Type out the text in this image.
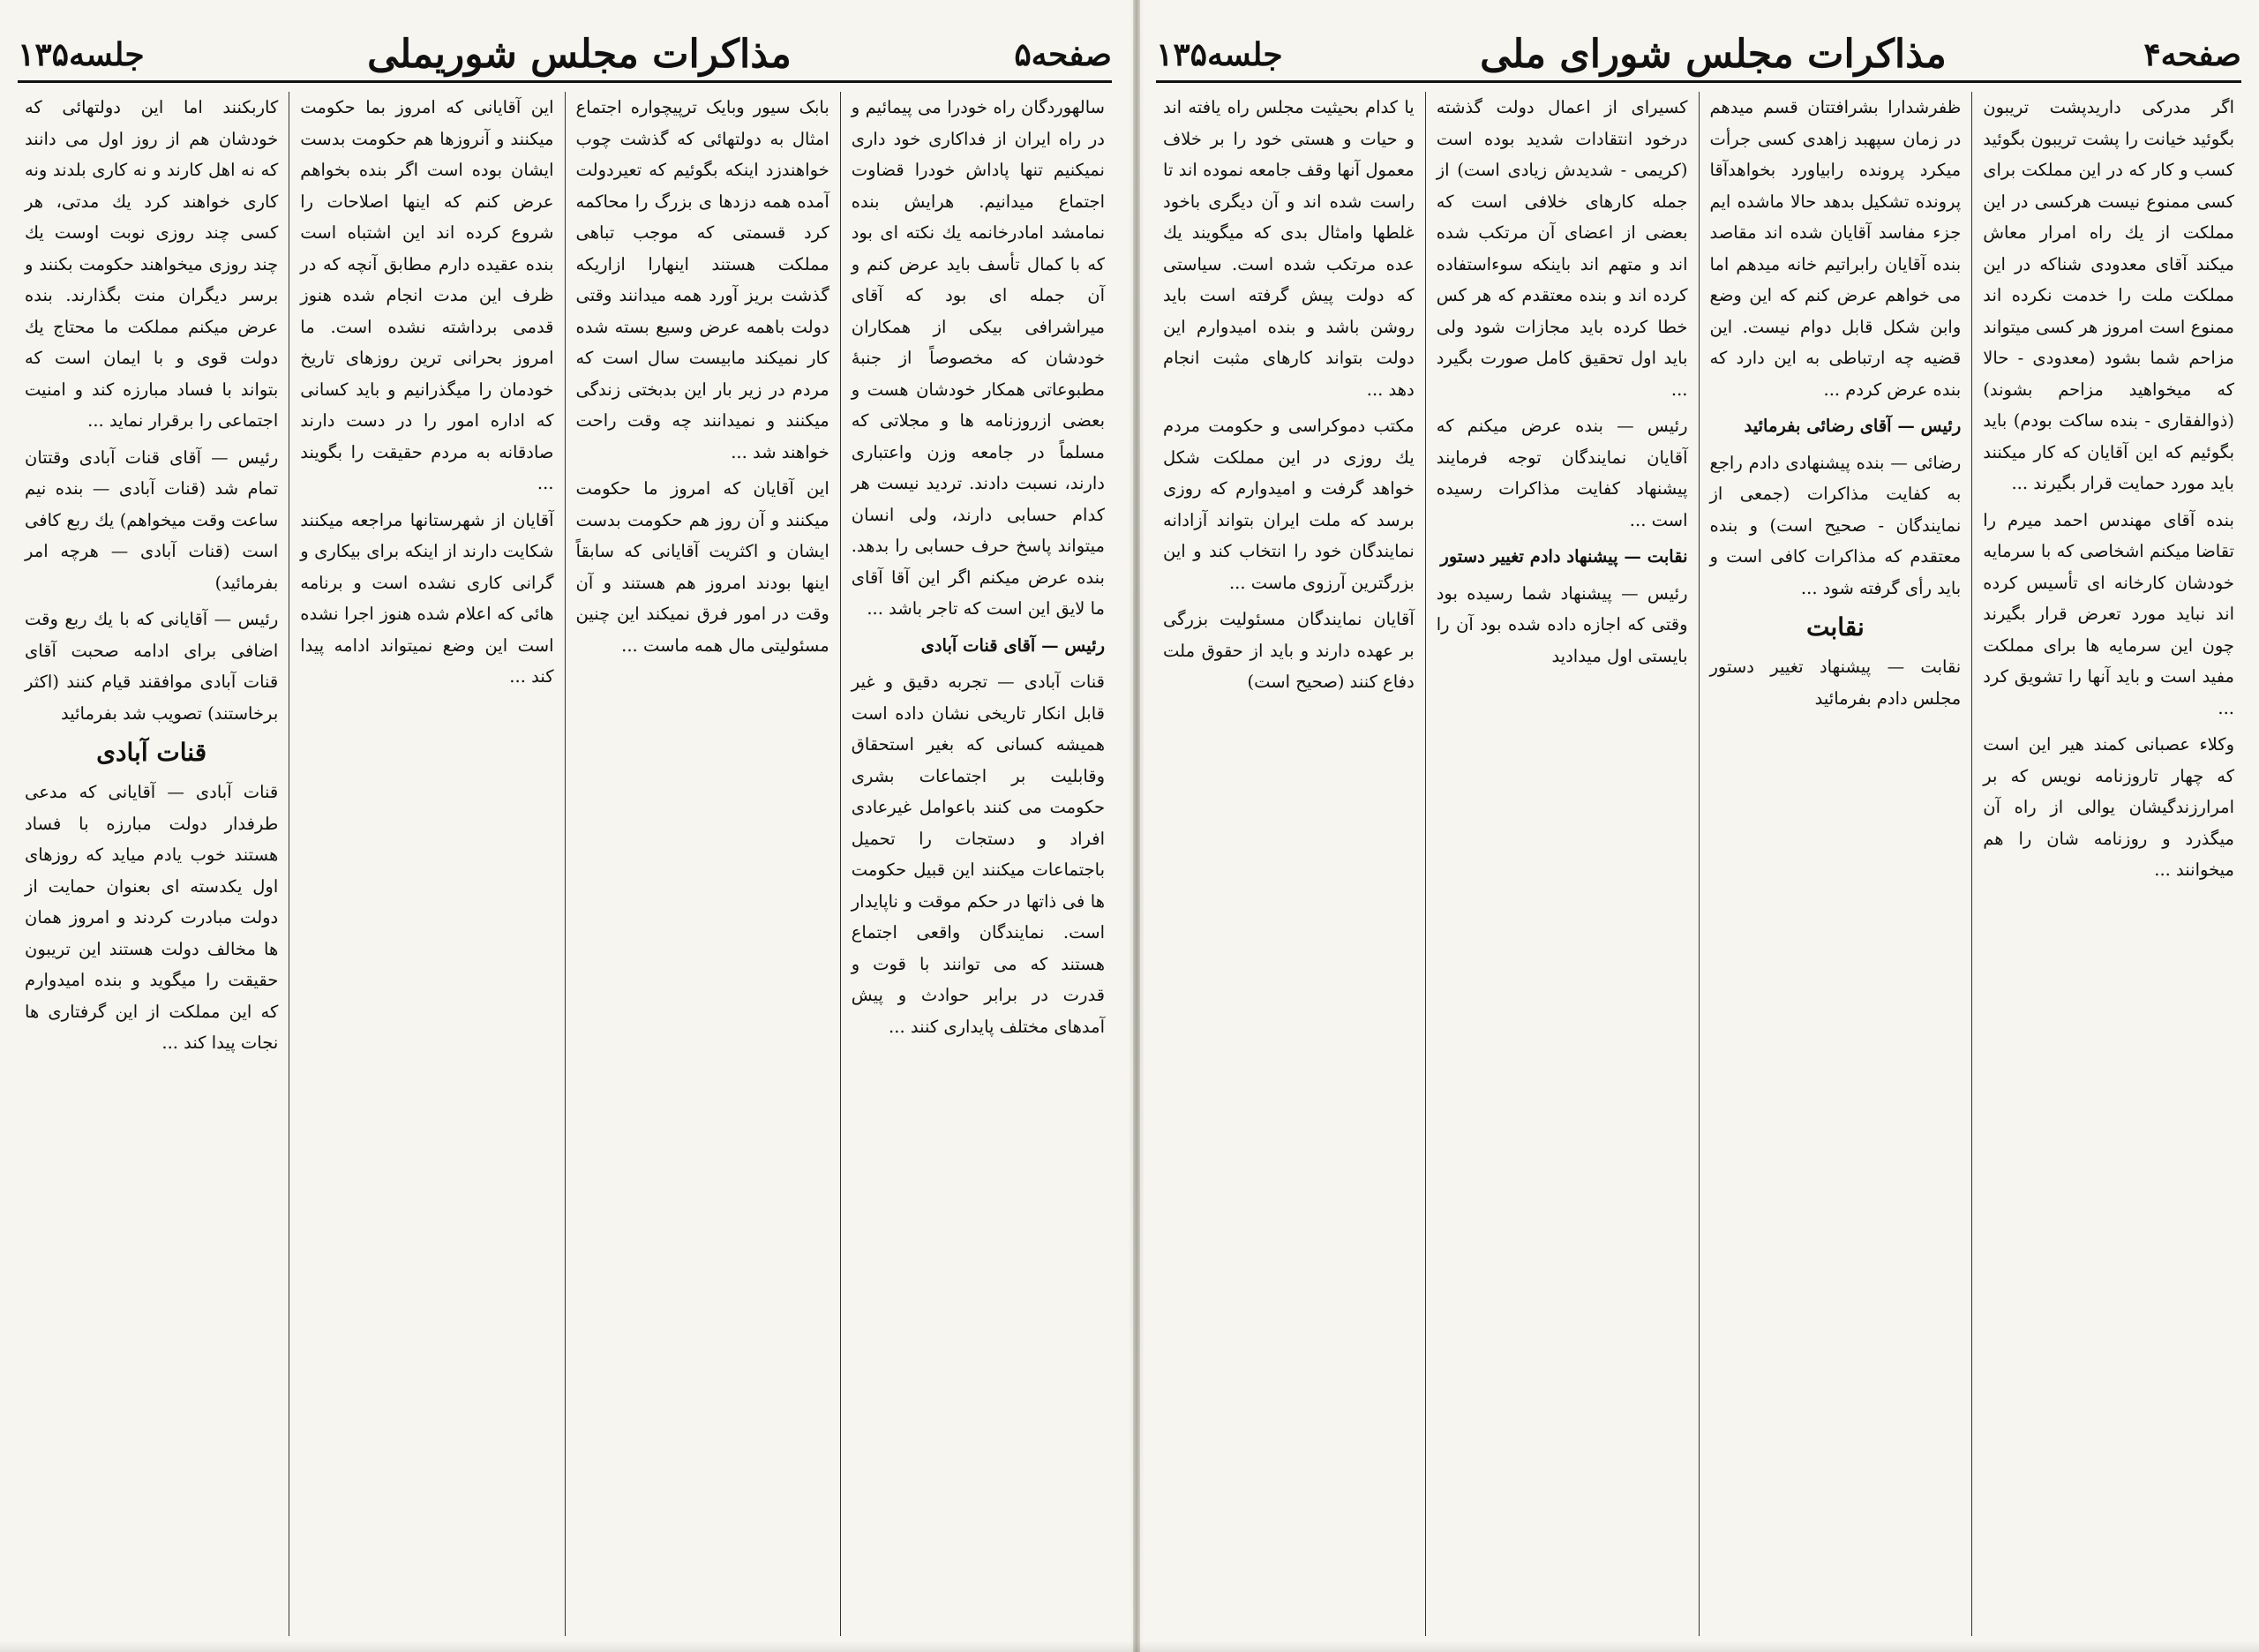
جلسه۱۳۵	مذاکرات مجلس شورای ملی	صفحه۴

اگر مدرکی داریدپشت تریبون بگوئید خیانت را پشت تریبون بگوئید کسب و کار که در این مملکت برای کسی ممنوع نیست هرکسی در این مملکت از یك راه امرار معاش میکند آقای معدودی شناکه در این مملکت ملت را خدمت نکرده اند ممنوع است امروز هر کسی میتواند مزاحم شما بشود (معدودی - حالا که میخواهید مزاحم بشوند) (ذوالفقاری - بنده ساکت بودم) باید بگوئیم که این آقایان که کار میکنند باید مورد حمایت قرار بگیرند ...

بنده آقای مهندس احمد میرم را تقاضا میکنم اشخاصی که با سرمایه خودشان کارخانه ای تأسیس کرده اند نباید مورد تعرض قرار بگیرند چون این سرمایه ها برای مملکت مفید است و باید آنها را تشویق کرد ...

وکلاء عصبانی کمند هیر این است که چهار تاروزنامه نویس که بر امرارزندگیشان یوالی از راه آن میگذرد و روزنامه شان را هم میخوانند ...

ظفرشدارا بشرافتتان قسم میدهم در زمان سپهبد زاهدی کسی جرأت میکرد پرونده رابیاورد بخواهدآقا پرونده تشکیل بدهد حالا ماشده ایم جزء مفاسد آقایان شده اند مقاصد بنده آقایان رابراتیم خانه میدهم اما می خواهم عرض کنم که این وضع وابن شکل قابل دوام نیست. این قضیه چه ارتباطی به این دارد که بنده عرض کردم ...

رئیس — آقای رضائی بفرمائید

رضائی — بنده پیشنهادی دادم راجع به کفایت مذاکرات (جمعی از نمایندگان - صحیح است) و بنده معتقدم که مذاکرات کافی است و باید رأی گرفته شود ...

نقابت

نقابت — پیشنهاد تغییر دستور مجلس دادم بفرمائید

کسیرای از اعمال دولت گذشته درخود انتقادات شدید بوده است (کریمی - شدیدش زیادی است) از جمله کارهای خلافی است که بعضی از اعضای آن مرتکب شده اند و متهم اند باینکه سوءاستفاده کرده اند و بنده معتقدم که هر کس خطا کرده باید مجازات شود ولی باید اول تحقیق کامل صورت بگیرد ...

رئیس — بنده عرض میکنم که آقایان نمایندگان توجه فرمایند پیشنهاد کفایت مذاکرات رسیده است ...

نقابت — پیشنهاد دادم تغییر دستور

رئیس — پیشنهاد شما رسیده بود وقتی که اجازه داده شده بود آن را بایستی اول میدادید

یا کدام بحیثیت مجلس راه یافته اند و حیات و هستی خود را بر خلاف معمول آنها وقف جامعه نموده اند تا راست شده اند و آن دیگری باخود غلطها وامثال بدی که میگویند یك عده مرتکب شده است. سیاستی که دولت پیش گرفته است باید روشن باشد و بنده امیدوارم این دولت بتواند کارهای مثبت انجام دهد ...

مکتب دموکراسی و حکومت مردم یك روزی در این مملکت شکل خواهد گرفت و امیدوارم که روزی برسد که ملت ایران بتواند آزادانه نمایندگان خود را انتخاب کند و این بزرگترین آرزوی ماست ...

آقایان نمایندگان مسئولیت بزرگی بر عهده دارند و باید از حقوق ملت دفاع کنند (صحیح است)

جلسه۱۳۵	مذاکرات مجلس شوریملی	صفحه۵

سالهوردگان راه خودرا می پیمائیم و در راه ایران از فداکاری خود داری نمیکنیم تنها پاداش خودرا قضاوت اجتماع میدانیم. هرایش بنده نمامشد امادرخانمه یك نکته ای بود که با کمال تأسف باید عرض کنم و آن جمله ای بود که آقای میراشرافی بیکی از همکاران خودشان که مخصوصاً از جنبهٔ مطبوعاتی همکار خودشان هست و بعضی ازروزنامه ها و مجلاتی که مسلماً در جامعه وزن واعتباری دارند، نسبت دادند. تردید نیست هر کدام حسابی دارند، ولی انسان میتواند پاسخ حرف حسابی را بدهد. بنده عرض میکنم اگر این آقا آقای ما لایق این است که تاجر باشد ...

رئیس — آقای قنات آبادی

قنات آبادی — تجربه دقیق و غیر قابل انکار تاریخی نشان داده است همیشه کسانی که بغیر استحقاق وقابلیت بر اجتماعات بشری حکومت می کنند باعوامل غیرعادی افراد و دستجات را تحمیل باجتماعات میکنند این قبیل حکومت ها فی ذاتها در حکم موقت و ناپایدار است. نمایندگان واقعی اجتماع هستند که می توانند با قوت و قدرت در برابر حوادث و پیش آمدهای مختلف پایداری کنند ...

بابک سیور وبایک ترپیچواره اجتماع امثال به دولتهائی که گذشت چوب خواهندزد اینکه بگوئیم که تعیردولت آمده همه دزدها ی بزرگ را محاکمه کرد قسمتی که موجب تباهی مملکت هستند اینهارا ازاریکه گذشت بریز آورد همه میدانند وقتی دولت باهمه عرض وسیع بسته شده کار نمیکند مابیست سال است که مردم در زیر بار این بدبختی زندگی میکنند و نمیدانند چه وقت راحت خواهند شد ...

این آقایان که امروز ما حکومت میکنند و آن روز هم حکومت بدست ایشان و اکثریت آقایانی که سابقاً اینها بودند امروز هم هستند و آن وقت در امور فرق نمیکند این چنین مسئولیتی مال همه ماست ...

این آقایانی که امروز بما حکومت میکنند و آنروزها هم حکومت بدست ایشان بوده است اگر بنده بخواهم عرض کنم که اینها اصلاحات را شروع کرده اند این اشتباه است بنده عقیده دارم مطابق آنچه که در ظرف این مدت انجام شده هنوز قدمی برداشته نشده است. ما امروز بحرانی ترین روزهای تاریخ خودمان را میگذرانیم و باید کسانی که اداره امور را در دست دارند صادقانه به مردم حقیقت را بگویند ...

آقایان از شهرستانها مراجعه میکنند شکایت دارند از اینکه برای بیکاری و گرانی کاری نشده است و برنامه هائی که اعلام شده هنوز اجرا نشده است این وضع نمیتواند ادامه پیدا کند ...

کاربکنند اما این دولتهائی که خودشان هم از روز اول می دانند که نه اهل کارند و نه کاری بلدند ونه کاری خواهند کرد یك مدتی، هر کسی چند روزی نوبت اوست یك چند روزی میخواهند حکومت بکنند و برسر دیگران منت بگذارند. بنده عرض میکنم مملکت ما محتاج یك دولت قوی و با ایمان است که بتواند با فساد مبارزه کند و امنیت اجتماعی را برقرار نماید ...

رئیس — آقای قنات آبادی وقتتان تمام شد (قنات آبادی — بنده نیم ساعت وقت میخواهم) یك ربع کافی است (قنات آبادی — هرچه امر بفرمائید)

رئیس — آقایانی که با یك ربع وقت اضافی برای ادامه صحبت آقای قنات آبادی موافقند قیام کنند (اکثر برخاستند) تصویب شد بفرمائید

قنات آبادی

قنات آبادی — آقایانی که مدعی طرفدار دولت مبارزه با فساد هستند خوب یادم میاید که روزهای اول یکدسته ای بعنوان حمایت از دولت مبادرت کردند و امروز همان ها مخالف دولت هستند این تریبون حقیقت را میگوید و بنده امیدوارم که این مملکت از این گرفتاری ها نجات پیدا کند ...
